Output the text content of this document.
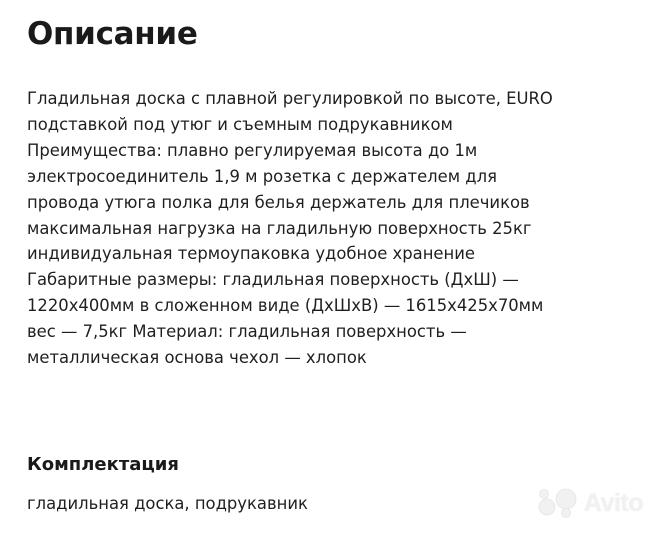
Описание

Гладильная доска с плавной регулировкой по высоте, EURO
подставкой под утюг и съемным подрукавником
Преимущества: плавно регулируемая высота до 1м
электросоединитель 1,9 м розетка с держателем для
провода утюга полка для белья держатель для плечиков
максимальная нагрузка на гладильную поверхность 25кг
индивидуальная термоупаковка удобное хранение
Габаритные размеры: гладильная поверхность (ДхШ) —
1220х400мм в сложенном виде (ДхШхВ) — 1615х425х70мм
вес — 7,5кг Материал: гладильная поверхность —
металлическая основа чехол — хлопок

Комплектация

гладильная доска, подрукавник	Avito
